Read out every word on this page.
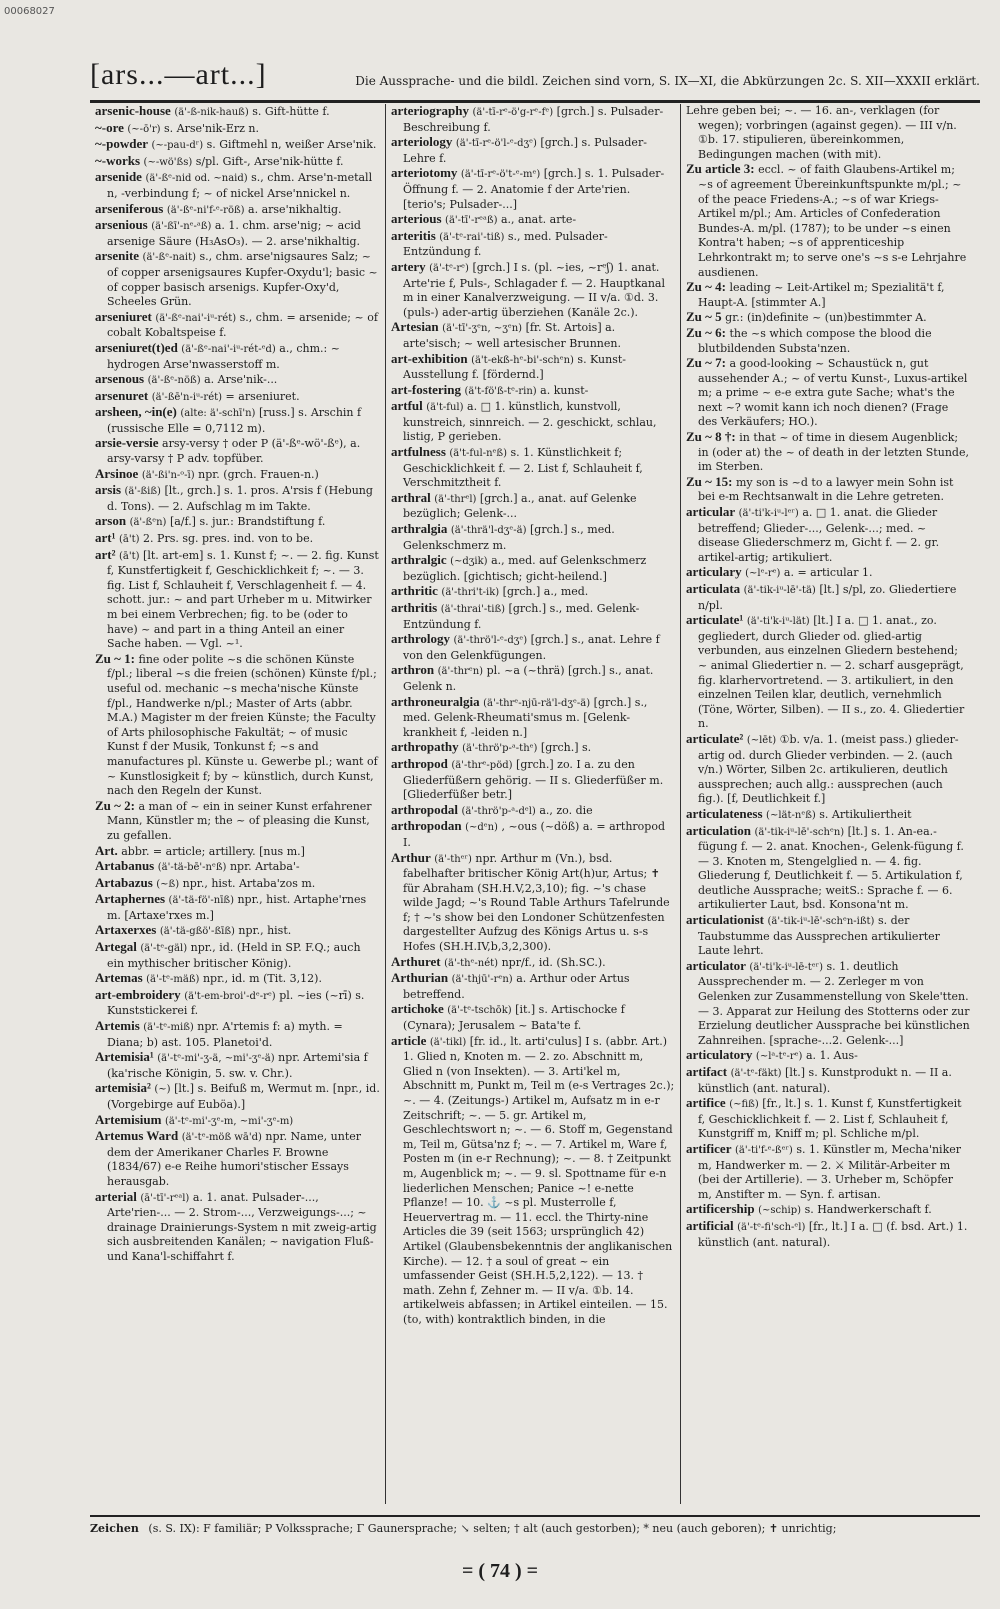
00068027
[ars...—art...]	Die Aussprache- und die bildl. Zeichen sind vorn, S. IX—XI, die Abkürzungen 2c. S. XII—XXXII erklärt.

arsenic-house (ä'-ß-nik-hauß) s. Gift-hütte f.

~-ore (~-ō'r) s. Arse'nik-Erz n.

~-powder (~-pau-dʳ) s. Giftmehl n, weißer Arse'nik.

~-works (~-wö'ßs) s/pl. Gift-, Arse'nik-hütte f.

arsenide (ä'-ßᵉ-nid od. ~naid) s., chm. Arse'n-metall n, -verbindung f; ~ of nickel Arse'nnickel n.

arseniferous (ä'-ßᵉ-ni'f-ᵉ-röß) a. arse'nikhaltig.

arsenious (ä'-ßī'-nᵉ-ᵃß) a. 1. chm. arse'nig; ~ acid arsenige Säure (H₃AsO₃). — 2. arse'nikhaltig.

arsenite (ä'-ßᵉ-nait) s., chm. arse'nigsaures Salz; ~ of copper arsenigsaures Kupfer-Oxydu'l; basic ~ of copper basisch arsenigs. Kupfer-Oxy'd, Scheeles Grün.

arseniuret (ä'-ßᵉ-nai'-iᵘ-rét) s., chm. = arsenide; ~ of cobalt Kobaltspeise f.

arseniuret(t)ed (ä'-ßᵉ-nai'-iᵘ-rét-ᵉd) a., chm.: ~ hydrogen Arse'nwasserstoff m.

arsenous (ä'-ßᵉ-nöß) a. Arse'nik-...

arsenuret (ä'-ßē'n-iᵘ-rét) = arseniuret.

arsheen, ~in(e) (alte: ä'-schī'n) [russ.] s. Arschin f (russische Elle = 0,7112 m).

arsie-versie arsy-versy † oder P (ä'-ßᵉ-wö'-ßᵉ), a. arsy-varsy † P adv. topfüber.

Arsinoe (ä'-ßi'n-ᵒ-ī) npr. (grch. Frauen-n.)

arsis (ä'-ßiß) [lt., grch.] s. 1. pros. A'rsis f (Hebung d. Tons). — 2. Aufschlag m im Takte.

arson (ä'-ßᵉn) [a/f.] s. jur.: Brandstiftung f.

art¹ (ā't) 2. Prs. sg. pres. ind. von to be.

art² (ā't) [lt. art-em] s. 1. Kunst f; ~. — 2. fig. Kunst f, Kunstfertigkeit f, Geschicklichkeit f; ~. — 3. fig. List f, Schlauheit f, Verschlagenheit f. — 4. schott. jur.: ~ and part Urheber m u. Mitwirker m bei einem Verbrechen; fig. to be (oder to have) ~ and part in a thing Anteil an einer Sache haben. — Vgl. ~¹.

Zu ~ 1: fine oder polite ~s die schönen Künste f/pl.; liberal ~s die freien (schönen) Künste f/pl.; useful od. mechanic ~s mecha'nische Künste f/pl., Handwerke n/pl.; Master of Arts (abbr. M.A.) Magister m der freien Künste; the Faculty of Arts philosophische Fakultät; ~ of music Kunst f der Musik, Tonkunst f; ~s and manufactures pl. Künste u. Gewerbe pl.; want of ~ Kunstlosigkeit f; by ~ künstlich, durch Kunst, nach den Regeln der Kunst.

Zu ~ 2: a man of ~ ein in seiner Kunst erfahrener Mann, Künstler m; the ~ of pleasing die Kunst, zu gefallen.

Art. abbr. = article; artillery. [nus m.]

Artabanus (ä'-tä-bē'-nᵉß) npr. Artaba'-

Artabazus (~ß) npr., hist. Artaba'zos m.

Artaphernes (ä'-tä-fö'-nīß) npr., hist. Artaphe'rnes m. [Artaxe'rxes m.]

Artaxerxes (ä'-tä-gßö'-ßīß) npr., hist.

Artegal (ä'-tᵉ-gäl) npr., id. (Held in SP. F.Q.; auch ein mythischer britischer König).

Artemas (ä'-tᵉ-mäß) npr., id. m (Tit. 3,12).

art-embroidery (ä't-em-broi'-dᵉ-rᵉ) pl. ~ies (~rī) s. Kunststickerei f.

Artemis (ä'-tᵉ-miß) npr. A'rtemis f: a) myth. = Diana; b) ast. 105. Planetoi'd.

Artemisia¹ (ä'-tᵉ-mi'-ʒ-ä, ~mi'-ʒᵉ-ä) npr. Artemi'sia f (ka'rische Königin, 5. sw. v. Chr.).

artemisia² (~) [lt.] s. Beifuß m, Wermut m. [npr., id. (Vorgebirge auf Euböa).]

Artemisium (ä'-tᵉ-mi'-ʒᵉ-m, ~mi'-ʒᵉ-m)

Artemus Ward (ä'-tᵉ-möß wā'd) npr. Name, unter dem der Amerikaner Charles F. Browne (1834/67) e-e Reihe humori'stischer Essays herausgab.

arterial (ā'-tī'-rᵉᵃl) a. 1. anat. Pulsader-..., Arte'rien-... — 2. Strom-..., Verzweigungs-...; ~ drainage Drainierungs-System n mit zweig-artig sich ausbreitenden Kanälen; ~ navigation Fluß- und Kana'l-schiffahrt f.

arteriography (ä'-tī-rᵉ-ö'g-rᵉ-fᵉ) [grch.] s. Pulsader-Beschreibung f.

arteriology (ä'-tī-rᵉ-ö'l-ᵉ-dʒᵉ) [grch.] s. Pulsader-Lehre f.

arteriotomy (ä'-tī-rᵉ-ö't-ᵉ-mᵉ) [grch.] s. 1. Pulsader-Öffnung f. — 2. Anatomie f der Arte'rien. [terio's; Pulsader-...]

arterious (ä'-tī'-rᵉᵃß) a., anat. arte-

arteritis (ä'-tᵉ-rai'-tiß) s., med. Pulsader-Entzündung f.

artery (ä'-tᵉ-rᵉ) [grch.] I s. (pl. ~ies, ~rᵉʃ) 1. anat. Arte'rie f, Puls-, Schlagader f. — 2. Hauptkanal m in einer Kanalverzweigung. — II v/a. ①d. 3. (puls-) ader-artig überziehen (Kanäle 2c.).

Artesian (ä'-tī'-ʒᵉn, ~ʒᵉn) [fr. St. Artois] a. arte'sisch; ~ well artesischer Brunnen.

art-exhibition (ä't-ekß-hᵉ-bi'-schᵉn) s. Kunst-Ausstellung f. [fördernd.]

art-fostering (ä't-fö'ß-tᵉ-rin) a. kunst-

artful (ä't-ful) a. □ 1. künstlich, kunstvoll, kunstreich, sinnreich. — 2. geschickt, schlau, listig, P gerieben.

artfulness (ä't-ful-nᵉß) s. 1. Künstlichkeit f; Geschicklichkeit f. — 2. List f, Schlauheit f, Verschmitztheit f.

arthral (ä'-thrᵉl) [grch.] a., anat. auf Gelenke bezüglich; Gelenk-...

arthralgia (ä'-thrä'l-dʒᵉ-ä) [grch.] s., med. Gelenkschmerz m.

arthralgic (~dʒik) a., med. auf Gelenkschmerz bezüglich. [gichtisch; gicht-heilend.]

arthritic (ä'-thri't-ik) [grch.] a., med.

arthritis (ä'-thrai'-tiß) [grch.] s., med. Gelenk-Entzündung f.

arthrology (ä'-thrö'l-ᵉ-dʒᵉ) [grch.] s., anat. Lehre f von den Gelenkfügungen.

arthron (ä'-thrᵉn) pl. ~a (~thrä) [grch.] s., anat. Gelenk n.

arthroneuralgia (ä'-thrᵉ-njū-rä'l-dʒᵉ-ä) [grch.] s., med. Gelenk-Rheumati'smus m. [Gelenk-krankheit f, -leiden n.]

arthropathy (ä'-thrö'p-ᵃ-thᵉ) [grch.] s.

arthropod (ä'-thrᵉ-pöd) [grch.] zo. I a. zu den Gliederfüßern gehörig. — II s. Gliederfüßer m. [Gliederfüßer betr.]

arthropodal (ä'-thrö'p-ᵃ-dᵉl) a., zo. die

arthropodan (~dᵉn) , ~ous (~döß) a. = arthropod I.

Arthur (ä'-thᵉʳ) npr. Arthur m (Vn.), bsd. fabelhafter britischer König Art(h)ur, Artus; ✝ für Abraham (SH.H.V,2,3,10); fig. ~'s chase wilde Jagd; ~'s Round Table Arthurs Tafelrunde f; † ~'s show bei den Londoner Schützenfesten dargestellter Aufzug des Königs Artus u. s-s Hofes (SH.H.IV,b,3,2,300).

Arthuret (ä'-thᵉ-nét) npr/f., id. (Sh.SC.).

Arthurian (ä'-thjū'-rᵉn) a. Arthur oder Artus betreffend.

artichoke (ä'-tᵉ-tschōk) [it.] s. Artischocke f (Cynara); Jerusalem ~ Bata'te f.

article (ä'-tikl) [fr. id., lt. arti'culus] I s. (abbr. Art.) 1. Glied n, Knoten m. — 2. zo. Abschnitt m, Glied n (von Insekten). — 3. Arti'kel m, Abschnitt m, Punkt m, Teil m (e-s Vertrages 2c.); ~. — 4. (Zeitungs-) Artikel m, Aufsatz m in e-r Zeitschrift; ~. — 5. gr. Artikel m, Geschlechtswort n; ~. — 6. Stoff m, Gegenstand m, Teil m, Gütsa'nz f; ~. — 7. Artikel m, Ware f, Posten m (in e-r Rechnung); ~. — 8. † Zeitpunkt m, Augenblick m; ~. — 9. sl. Spottname für e-n liederlichen Menschen; Panice ~! e-nette Pflanze! — 10. ⚓ ~s pl. Musterrolle f, Heuervertrag m. — 11. eccl. the Thirty-nine Articles die 39 (seit 1563; ursprünglich 42) Artikel (Glaubensbekenntnis der anglikanischen Kirche). — 12. † a soul of great ~ ein umfassender Geist (SH.H.5,2,122). — 13. † math. Zehn f, Zehner m. — II v/a. ①b. 14. artikelweis abfassen; in Artikel einteilen. — 15. (to, with) kontraktlich binden, in die

Lehre geben bei; ~. — 16. an-, verklagen (for wegen); vorbringen (against gegen). — III v/n. ①b. 17. stipulieren, übereinkommen, Bedingungen machen (with mit).

Zu article 3: eccl. ~ of faith Glaubens-Artikel m; ~s of agreement Übereinkunftspunkte m/pl.; ~ of the peace Friedens-A.; ~s of war Kriegs-Artikel m/pl.; Am. Articles of Confederation Bundes-A. m/pl. (1787); to be under ~s einen Kontra't haben; ~s of apprenticeship Lehrkontrakt m; to serve one's ~s s-e Lehrjahre ausdienen.

Zu ~ 4: leading ~ Leit-Artikel m; Spezialitä't f, Haupt-A. [stimmter A.]

Zu ~ 5 gr.: (in)definite ~ (un)bestimmter A.

Zu ~ 6: the ~s which compose the blood die blutbildenden Substa'nzen.

Zu ~ 7: a good-looking ~ Schaustück n, gut aussehender A.; ~ of vertu Kunst-, Luxus-artikel m; a prime ~ e-e extra gute Sache; what's the next ~? womit kann ich noch dienen? (Frage des Verkäufers; HO.).

Zu ~ 8 †: in that ~ of time in diesem Augenblick; in (oder at) the ~ of death in der letzten Stunde, im Sterben.

Zu ~ 15: my son is ~d to a lawyer mein Sohn ist bei e-m Rechtsanwalt in die Lehre getreten.

articular (ä'-ti'k-iᵘ-lᵉʳ) a. □ 1. anat. die Glieder betreffend; Glieder-..., Gelenk-...; med. ~ disease Gliederschmerz m, Gicht f. — 2. gr. artikel-artig; artikuliert.

articulary (~lᵉ-rᵉ) a. = articular 1.

articulata (ä'-tik-iᵘ-lē'-tä) [lt.] s/pl, zo. Gliedertiere n/pl.

articulate¹ (ä'-ti'k-iᵘ-lät) [lt.] I a. □ 1. anat., zo. gegliedert, durch Glieder od. glied-artig verbunden, aus einzelnen Gliedern bestehend; ~ animal Gliedertier n. — 2. scharf ausgeprägt, fig. klarhervortretend. — 3. artikuliert, in den einzelnen Teilen klar, deutlich, vernehmlich (Töne, Wörter, Silben). — II s., zo. 4. Gliedertier n.

articulate² (~lēt) ①b. v/a. 1. (meist pass.) glieder-artig od. durch Glieder verbinden. — 2. (auch v/n.) Wörter, Silben 2c. artikulieren, deutlich aussprechen; auch allg.: aussprechen (auch fig.). [f, Deutlichkeit f.]

articulateness (~lät-nᵉß) s. Artikuliertheit

articulation (ä'-tik-iᵘ-lē'-schᵉn) [lt.] s. 1. An-ea.-fügung f. — 2. anat. Knochen-, Gelenk-fügung f. — 3. Knoten m, Stengelglied n. — 4. fig. Gliederung f, Deutlichkeit f. — 5. Artikulation f, deutliche Aussprache; weitS.: Sprache f. — 6. artikulierter Laut, bsd. Konsona'nt m.

articulationist (ä'-tik-iᵘ-lē'-schᵉn-ißt) s. der Taubstumme das Aussprechen artikulierter Laute lehrt.

articulator (ä'-ti'k-iᵘ-lē-tᵉʳ) s. 1. deutlich Aussprechender m. — 2. Zerleger m von Gelenken zur Zusammenstellung von Skele'tten. — 3. Apparat zur Heilung des Stotterns oder zur Erzielung deutlicher Aussprache bei künstlichen Zahnreihen. [sprache-...2. Gelenk-...]

articulatory (~lᵃ-tᵉ-rᵉ) a. 1. Aus-

artifact (ä'-tᵉ-fäkt) [lt.] s. Kunstprodukt n. — II a. künstlich (ant. natural).

artifice (~fiß) [fr., lt.] s. 1. Kunst f, Kunstfertigkeit f, Geschicklichkeit f. — 2. List f, Schlauheit f, Kunstgriff m, Kniff m; pl. Schliche m/pl.

artificer (ä'-ti'f-ᵉ-ßᵉʳ) s. 1. Künstler m, Mecha'niker m, Handwerker m. — 2. ⚔ Militär-Arbeiter m (bei der Artillerie). — 3. Urheber m, Schöpfer m, Anstifter m. — Syn. f. artisan.

artificership (~schip) s. Handwerkerschaft f.

artificial (ä'-tᵉ-fi'sch-ᵉl) [fr., lt.] I a. □ (f. bsd. Art.) 1. künstlich (ant. natural).

Zeichen (s. S. IX): F familiär; P Volkssprache; Γ Gaunersprache; ↘ selten; † alt (auch gestorben); * neu (auch geboren); ✝ unrichtig;
= ( 74 ) =
